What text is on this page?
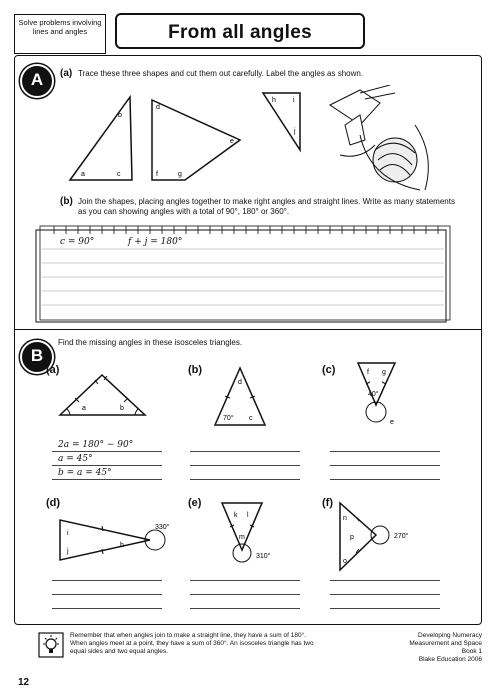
Solve problems involving lines and angles	From all angles
A	(a) Trace these three shapes and cut them out carefully. Label the angles as shown.
a
b
c
d
e
f	g
h i
j
(b) Join the shapes, placing angles together to make right angles and straight lines. Write as many statements as you can showing angles with a total of 90°, 180° or 360°.
c = 90°	f + j = 180°
B
Find the missing angles in these isosceles triangles.
(a)	(b)	(c)
a	b
d
70° c
f g
40°
e
2a = 180° − 90°
a = 45°
b = a = 45°
(d)	(e)	(f)
i
j
h
330°
k l
m
310°
n
p
o
270°
Remember that when angles join to make a straight line, they have a sum of 180°. When angles meet at a point, they have a sum of 360°. An isosceles triangle has two equal sides and two equal angles.
Developing Numeracy
Measurement and Space
Book 1
Blake Education 2006
12
